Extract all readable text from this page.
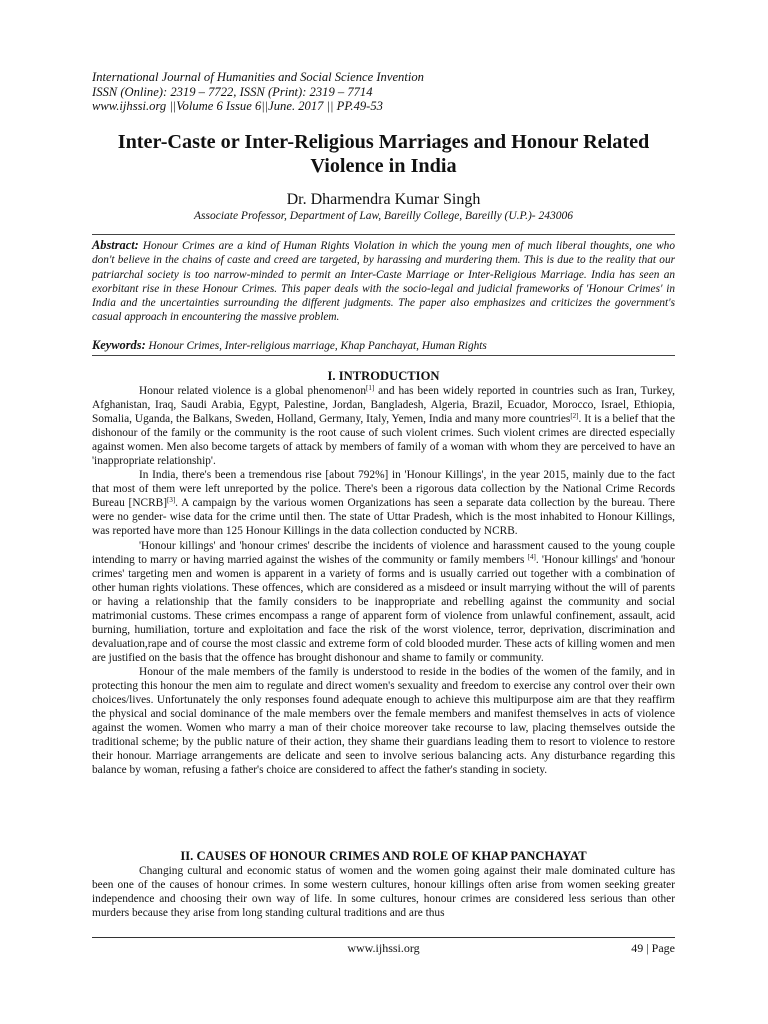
International Journal of Humanities and Social Science Invention
ISSN (Online): 2319 – 7722, ISSN (Print): 2319 – 7714
www.ijhssi.org ||Volume 6 Issue 6||June. 2017 || PP.49-53
Inter-Caste or Inter-Religious Marriages and Honour Related Violence in India
Dr. Dharmendra Kumar Singh
Associate Professor, Department of Law, Bareilly College, Bareilly (U.P.)- 243006
Abstract: Honour Crimes are a kind of Human Rights Violation in which the young men of much liberal thoughts, one who don't believe in the chains of caste and creed are targeted, by harassing and murdering them. This is due to the reality that our patriarchal society is too narrow-minded to permit an Inter-Caste Marriage or Inter-Religious Marriage. India has seen an exorbitant rise in these Honour Crimes. This paper deals with the socio-legal and judicial frameworks of 'Honour Crimes' in India and the uncertainties surrounding the different judgments. The paper also emphasizes and criticizes the government's casual approach in encountering the massive problem.
Keywords: Honour Crimes, Inter-religious marriage, Khap Panchayat, Human Rights
I. INTRODUCTION

Honour related violence is a global phenomenon[1] and has been widely reported in countries such as Iran, Turkey, Afghanistan, Iraq, Saudi Arabia, Egypt, Palestine, Jordan, Bangladesh, Algeria, Brazil, Ecuador, Morocco, Israel, Ethiopia, Somalia, Uganda, the Balkans, Sweden, Holland, Germany, Italy, Yemen, India and many more countries[2]. It is a belief that the dishonour of the family or the community is the root cause of such violent crimes. Such violent crimes are directed especially against women. Men also become targets of attack by members of family of a woman with whom they are perceived to have an 'inappropriate relationship'.

In India, there's been a tremendous rise [about 792%] in 'Honour Killings', in the year 2015, mainly due to the fact that most of them were left unreported by the police. There's been a rigorous data collection by the National Crime Records Bureau [NCRB][3]. A campaign by the various women Organizations has seen a separate data collection by the bureau. There were no gender- wise data for the crime until then. The state of Uttar Pradesh, which is the most inhabited to Honour Killings, was reported have more than 125 Honour Killings in the data collection conducted by NCRB.

'Honour killings' and 'honour crimes' describe the incidents of violence and harassment caused to the young couple intending to marry or having married against the wishes of the community or family members [4]. 'Honour killings' and 'honour crimes' targeting men and women is apparent in a variety of forms and is usually carried out together with a combination of other human rights violations. These offences, which are considered as a misdeed or insult marrying without the will of parents or having a relationship that the family considers to be inappropriate and rebelling against the community and social matrimonial customs. These crimes encompass a range of apparent form of violence from unlawful confinement, assault, acid burning, humiliation, torture and exploitation and face the risk of the worst violence, terror, deprivation, discrimination and devaluation,rape and of course the most classic and extreme form of cold blooded murder. These acts of killing women and men are justified on the basis that the offence has brought dishonour and shame to family or community.

Honour of the male members of the family is understood to reside in the bodies of the women of the family, and in protecting this honour the men aim to regulate and direct women's sexuality and freedom to exercise any control over their own choices/lives. Unfortunately the only responses found adequate enough to achieve this multipurpose aim are that they reaffirm the physical and social dominance of the male members over the female members and manifest themselves in acts of violence against the women. Women who marry a man of their choice moreover take recourse to law, placing themselves outside the traditional scheme; by the public nature of their action, they shame their guardians leading them to resort to violence to restore their honour. Marriage arrangements are delicate and seen to involve serious balancing acts. Any disturbance regarding this balance by woman, refusing a father's choice are considered to affect the father's standing in society.

II. CAUSES OF HONOUR CRIMES AND ROLE OF KHAP PANCHAYAT

Changing cultural and economic status of women and the women going against their male dominated culture has been one of the causes of honour crimes. In some western cultures, honour killings often arise from women seeking greater independence and choosing their own way of life. In some cultures, honour crimes are considered less serious than other murders because they arise from long standing cultural traditions and are thus

www.ijhssi.org	49 | Page
